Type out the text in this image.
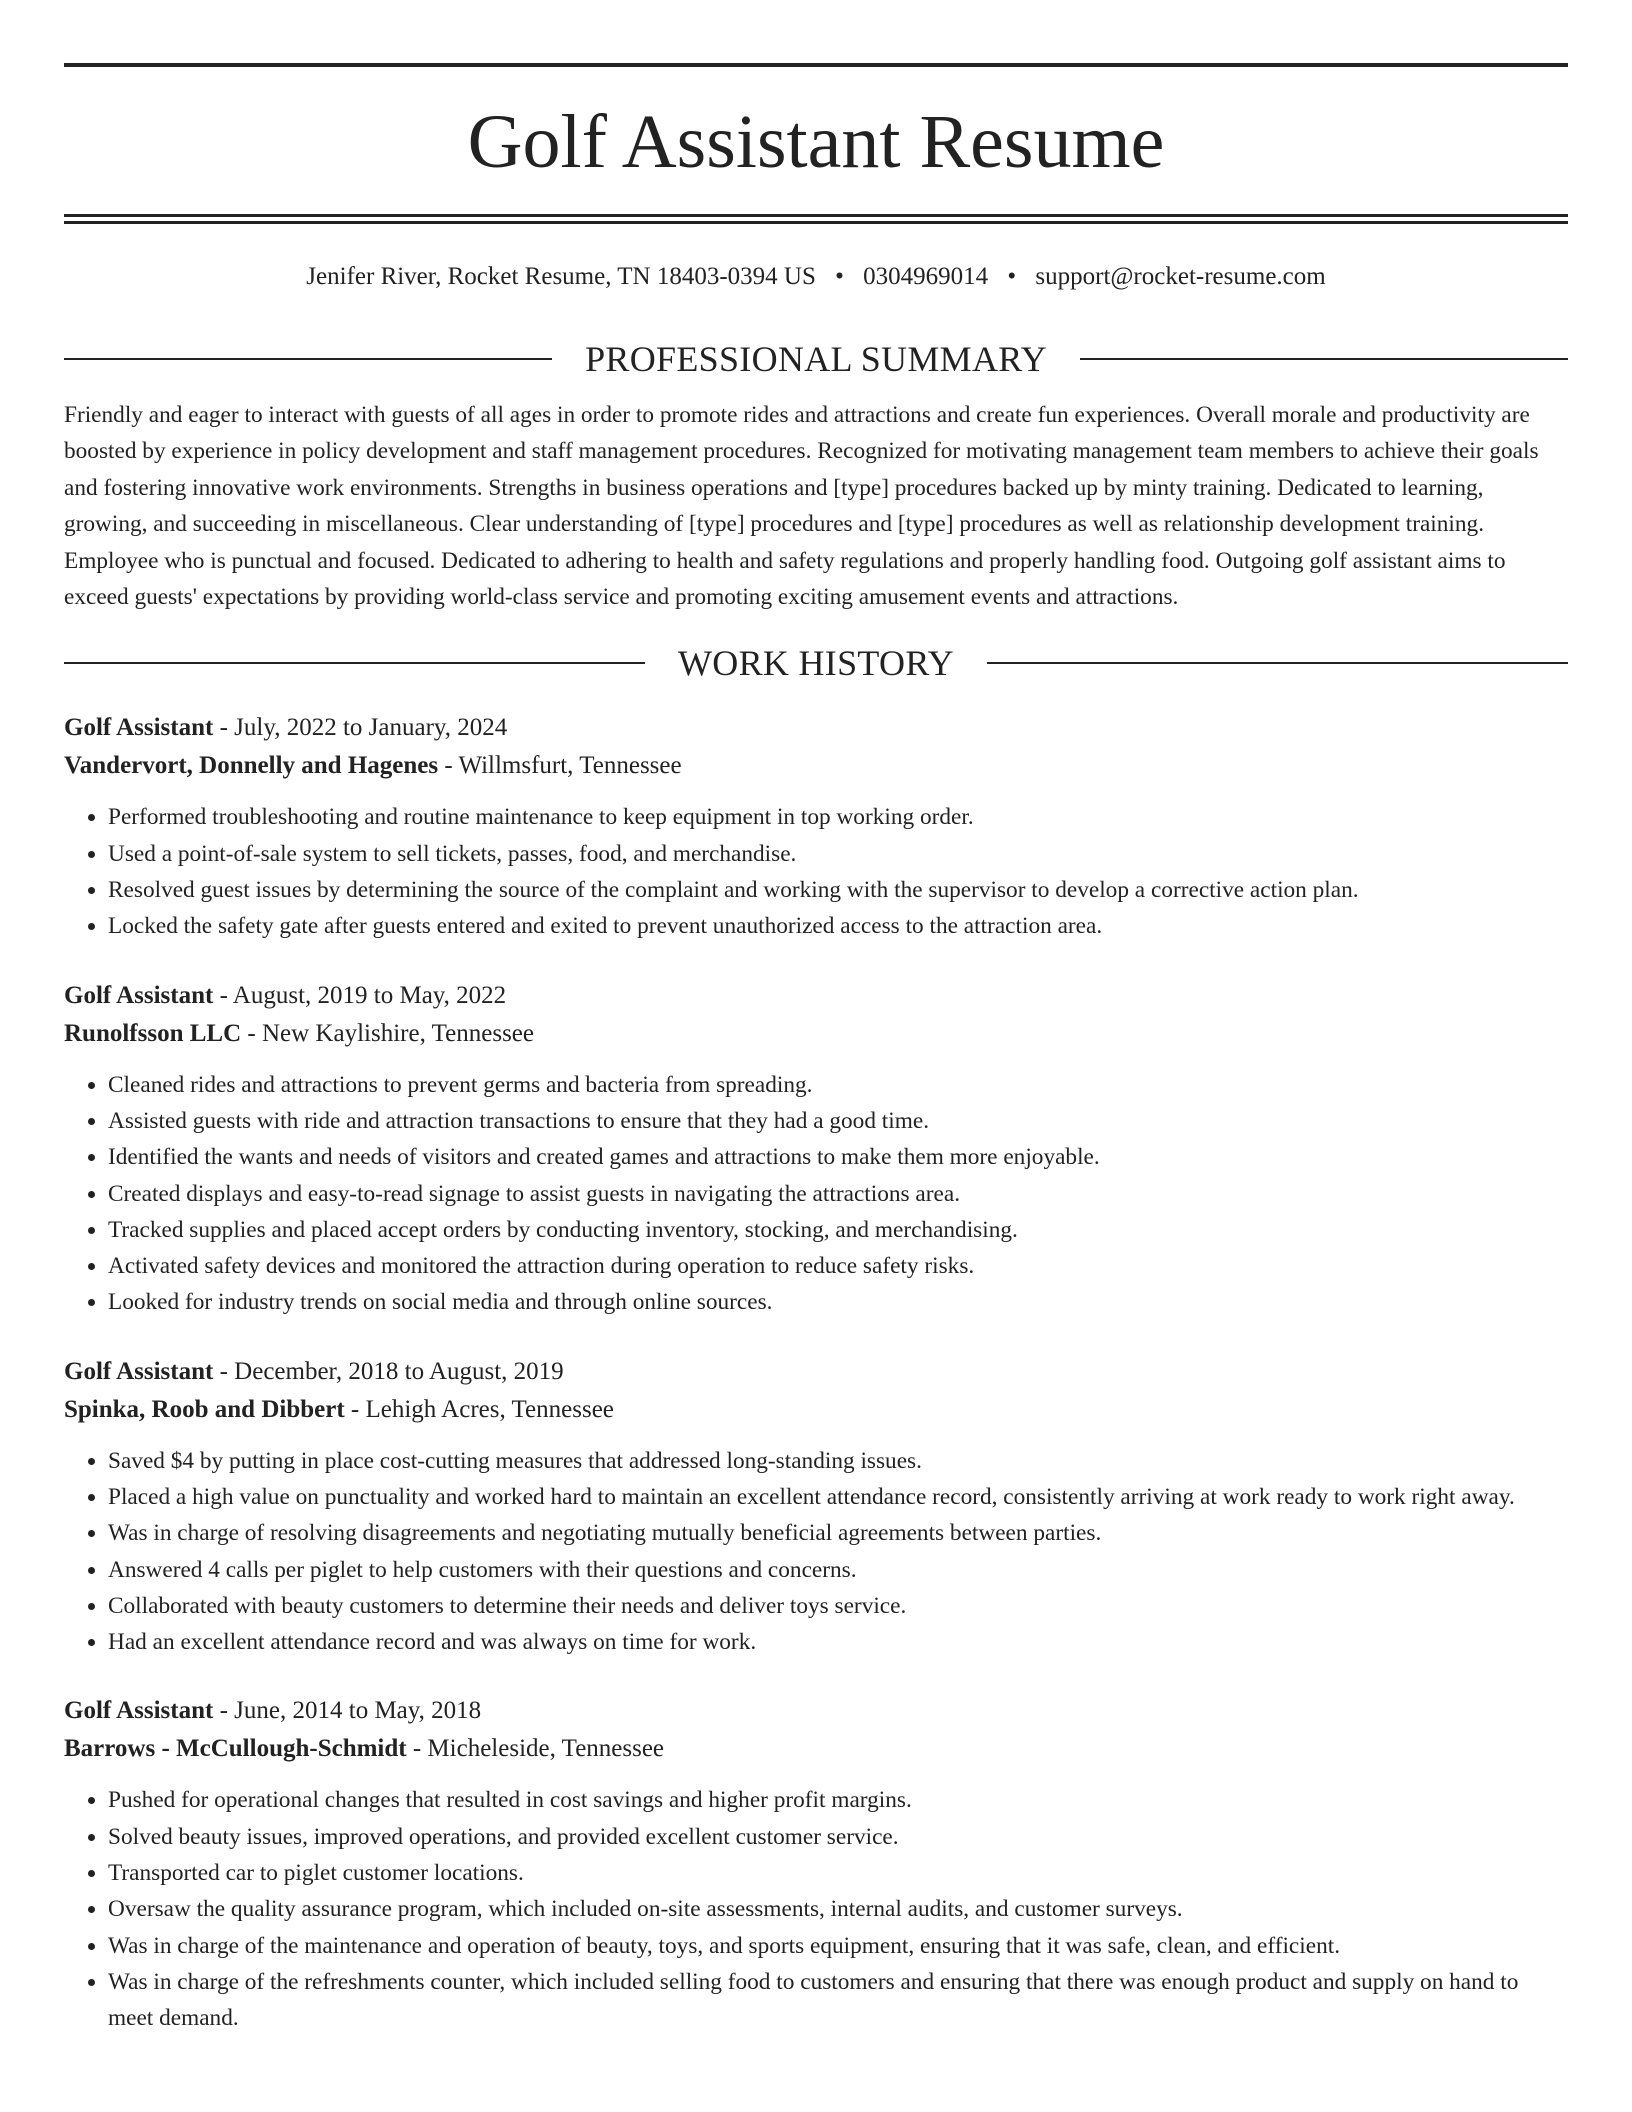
Golf Assistant Resume
Jenifer River, Rocket Resume, TN 18403-0394 US • 0304969014 • support@rocket-resume.com
PROFESSIONAL SUMMARY

Friendly and eager to interact with guests of all ages in order to promote rides and attractions and create fun experiences. Overall morale and productivity are boosted by experience in policy development and staff management procedures. Recognized for motivating management team members to achieve their goals and fostering innovative work environments. Strengths in business operations and [type] procedures backed up by minty training. Dedicated to learning, growing, and succeeding in miscellaneous. Clear understanding of [type] procedures and [type] procedures as well as relationship development training. Employee who is punctual and focused. Dedicated to adhering to health and safety regulations and properly handling food. Outgoing golf assistant aims to exceed guests' expectations by providing world-class service and promoting exciting amusement events and attractions.

WORK HISTORY
Golf Assistant - July, 2022 to January, 2024
Vandervort, Donnelly and Hagenes - Willmsfurt, Tennessee
• Performed troubleshooting and routine maintenance to keep equipment in top working order.
• Used a point-of-sale system to sell tickets, passes, food, and merchandise.
• Resolved guest issues by determining the source of the complaint and working with the supervisor to develop a corrective action plan.
• Locked the safety gate after guests entered and exited to prevent unauthorized access to the attraction area.
Golf Assistant - August, 2019 to May, 2022
Runolfsson LLC - New Kaylishire, Tennessee
• Cleaned rides and attractions to prevent germs and bacteria from spreading.
• Assisted guests with ride and attraction transactions to ensure that they had a good time.
• Identified the wants and needs of visitors and created games and attractions to make them more enjoyable.
• Created displays and easy-to-read signage to assist guests in navigating the attractions area.
• Tracked supplies and placed accept orders by conducting inventory, stocking, and merchandising.
• Activated safety devices and monitored the attraction during operation to reduce safety risks.
• Looked for industry trends on social media and through online sources.
Golf Assistant - December, 2018 to August, 2019
Spinka, Roob and Dibbert - Lehigh Acres, Tennessee
• Saved $4 by putting in place cost-cutting measures that addressed long-standing issues.
• Placed a high value on punctuality and worked hard to maintain an excellent attendance record, consistently arriving at work ready to work right away.
• Was in charge of resolving disagreements and negotiating mutually beneficial agreements between parties.
• Answered 4 calls per piglet to help customers with their questions and concerns.
• Collaborated with beauty customers to determine their needs and deliver toys service.
• Had an excellent attendance record and was always on time for work.
Golf Assistant - June, 2014 to May, 2018
Barrows - McCullough-Schmidt - Micheleside, Tennessee
• Pushed for operational changes that resulted in cost savings and higher profit margins.
• Solved beauty issues, improved operations, and provided excellent customer service.
• Transported car to piglet customer locations.
• Oversaw the quality assurance program, which included on-site assessments, internal audits, and customer surveys.
• Was in charge of the maintenance and operation of beauty, toys, and sports equipment, ensuring that it was safe, clean, and efficient.
• Was in charge of the refreshments counter, which included selling food to customers and ensuring that there was enough product and supply on hand to meet demand.
